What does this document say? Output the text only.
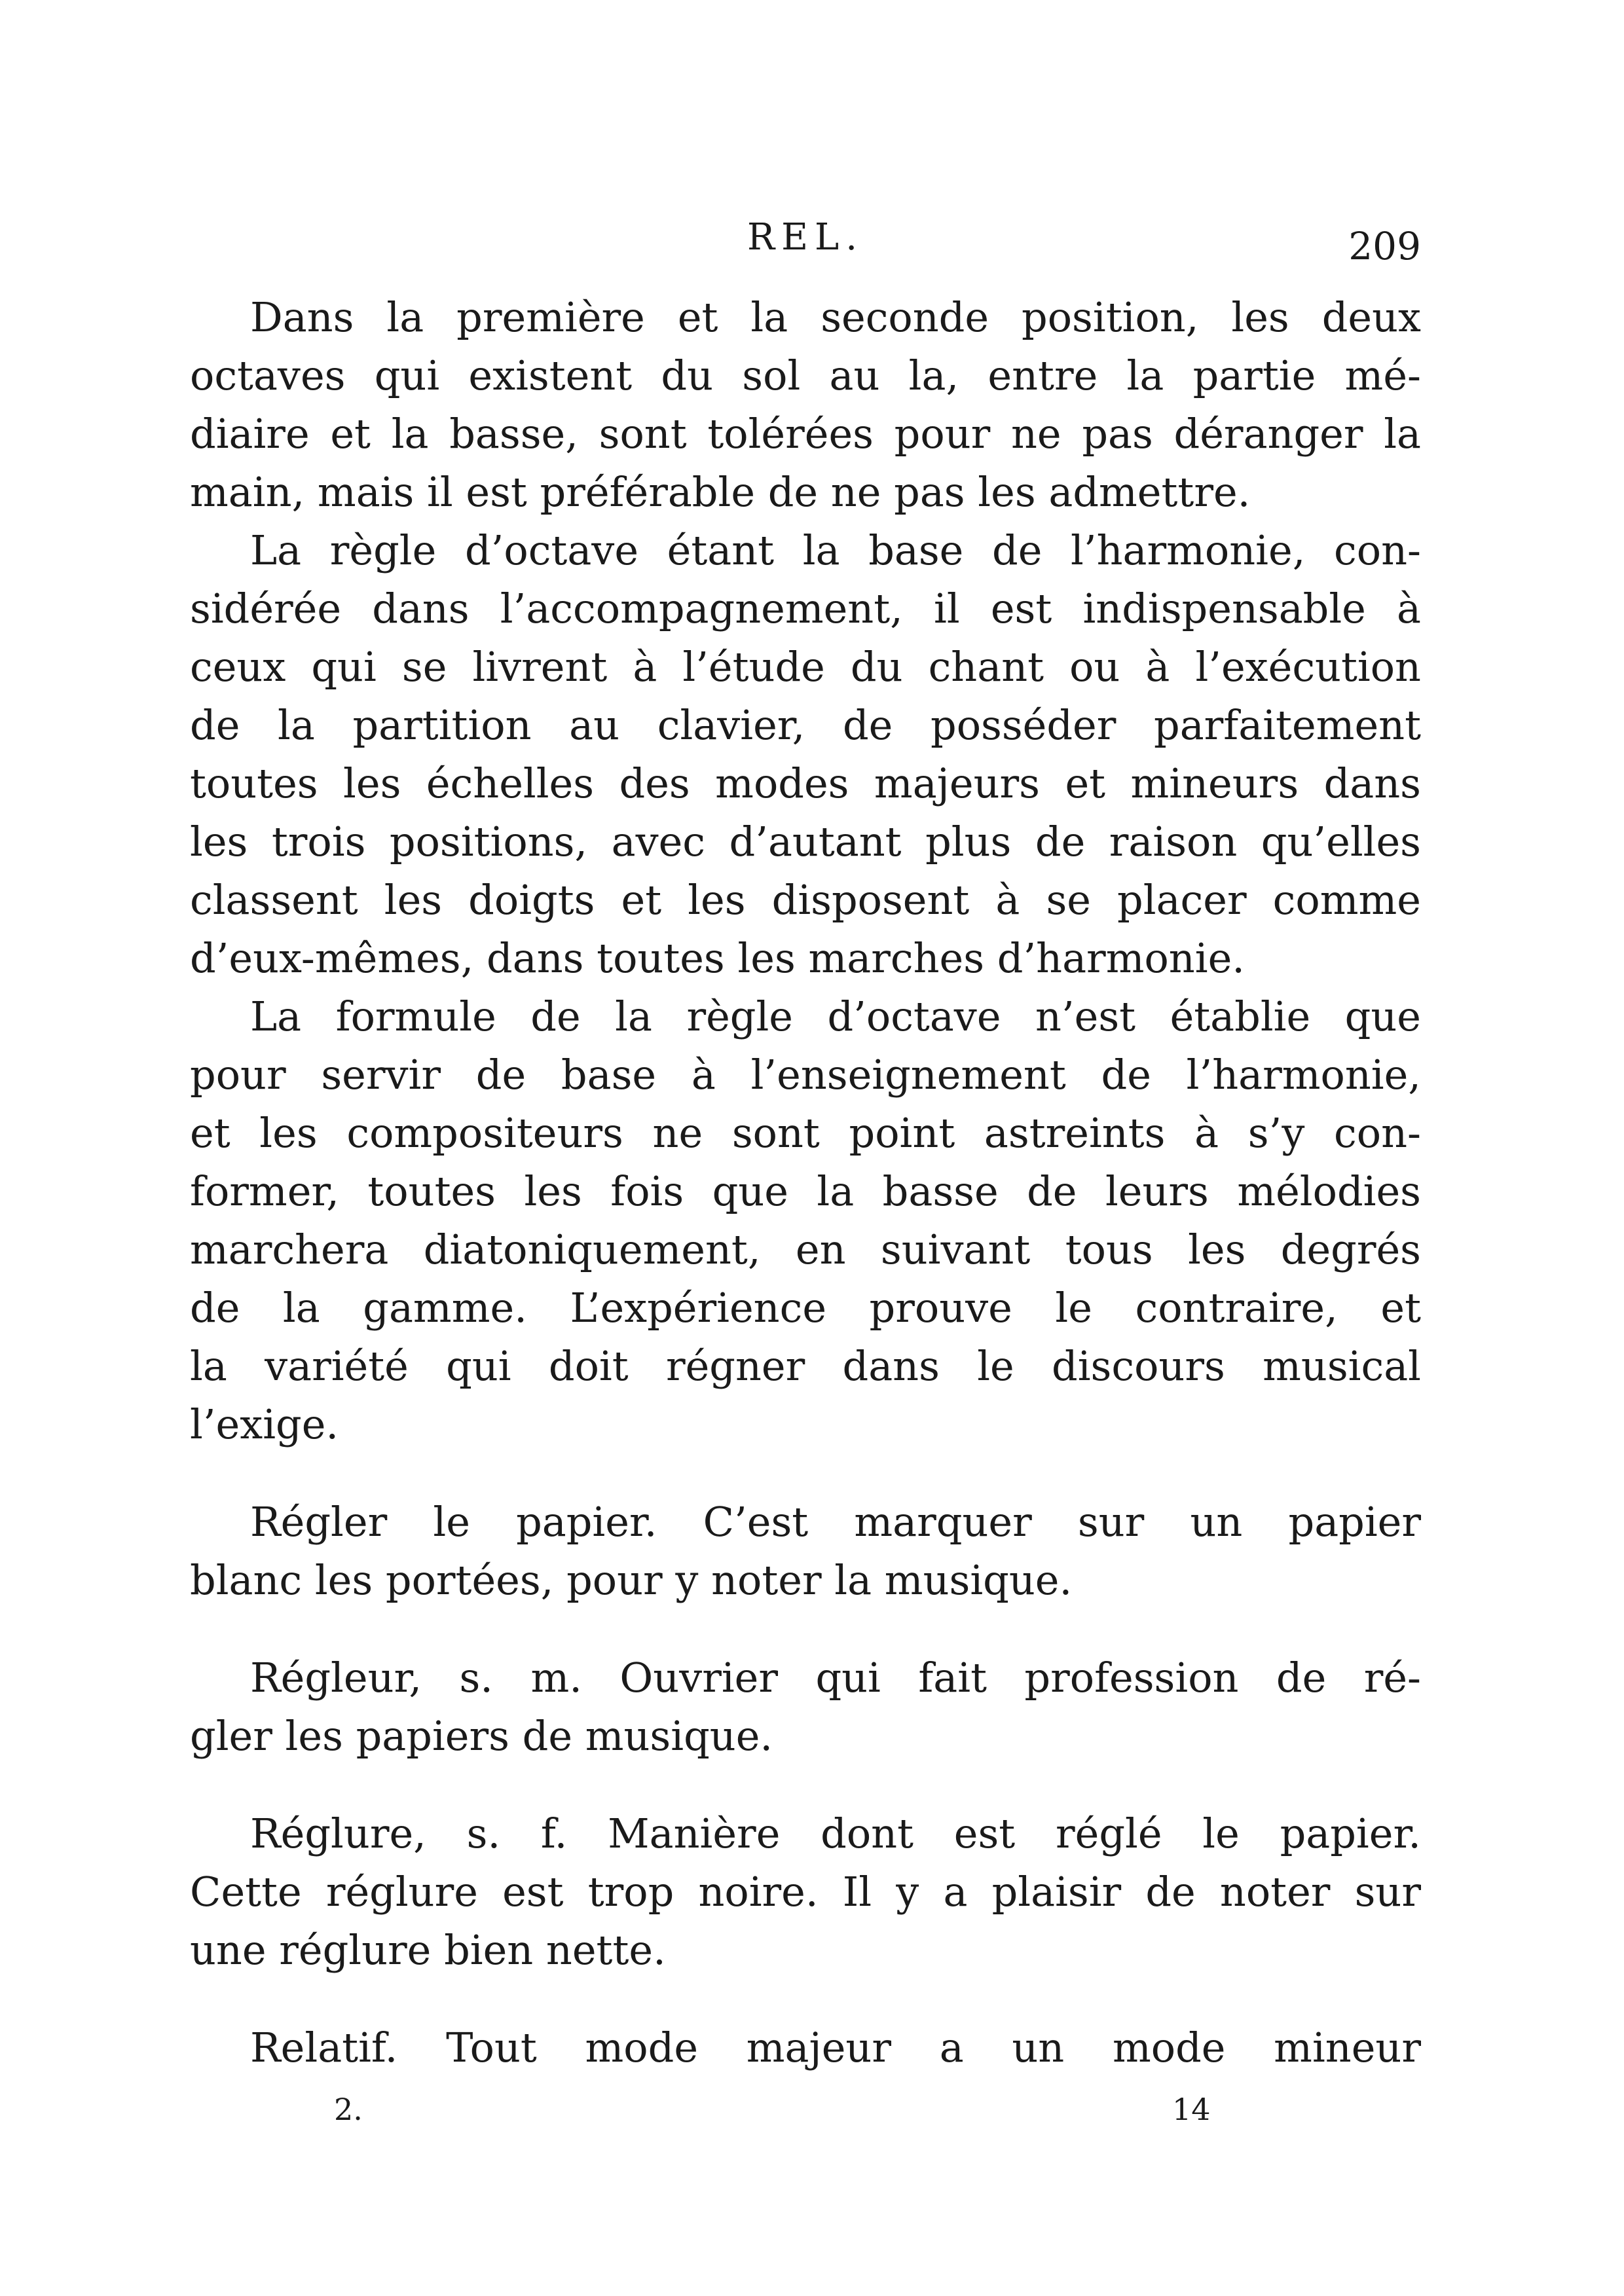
REL.	209

Dans la première et la seconde position, les deux
octaves qui existent du sol au la, entre la partie mé-
diaire et la basse, sont tolérées pour ne pas déranger la
main, mais il est préférable de ne pas les admettre.

La règle d’octave étant la base de l’harmonie, con-
sidérée dans l’accompagnement, il est indispensable à
ceux qui se livrent à l’étude du chant ou à l’exécution
de la partition au clavier, de posséder parfaitement
toutes les échelles des modes majeurs et mineurs dans
les trois positions, avec d’autant plus de raison qu’elles
classent les doigts et les disposent à se placer comme
d’eux-mêmes, dans toutes les marches d’harmonie.

La formule de la règle d’octave n’est établie que
pour servir de base à l’enseignement de l’harmonie,
et les compositeurs ne sont point astreints à s’y con-
former, toutes les fois que la basse de leurs mélodies
marchera diatoniquement, en suivant tous les degrés
de la gamme. L’expérience prouve le contraire, et
la variété qui doit régner dans le discours musical
l’exige.

Régler le papier. C’est marquer sur un papier
blanc les portées, pour y noter la musique.

Régleur, s. m. Ouvrier qui fait profession de ré-
gler les papiers de musique.

Réglure, s. f. Manière dont est réglé le papier.
Cette réglure est trop noire. Il y a plaisir de noter sur
une réglure bien nette.

Relatif. Tout mode majeur a un mode mineur

2.	14
